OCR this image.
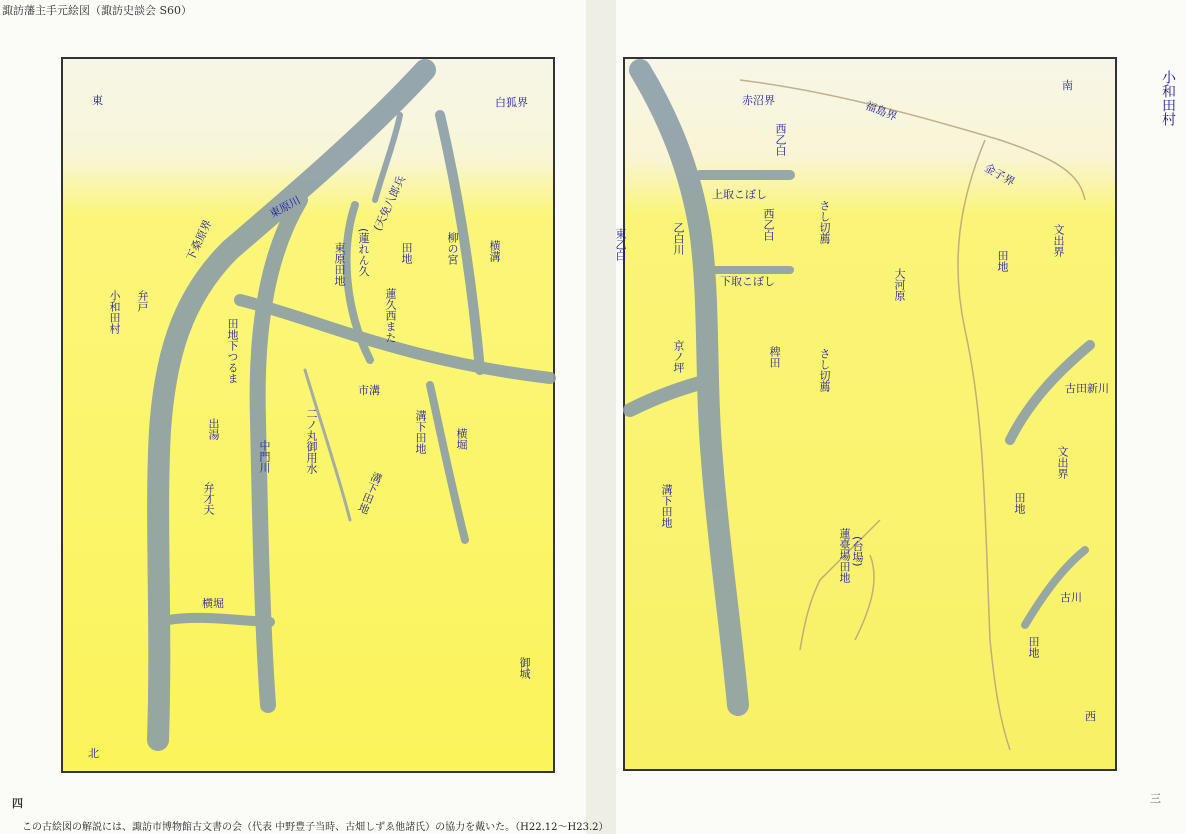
諏訪藩主手元絵図（諏訪史談会 S60）
東
北
白狐界
東原川
下桑原界
(天免八郎兵
(蓮れん久
東原田地	田地	柳の宮	横溝
蓮久西また
小和田村 弁戸
田地下つるま
市溝
溝下田地	横堀
出湯
中門川	二ノ丸御用水
溝下田地
弁才天
横堀
御城
南
西
小和田村
赤沼界	福島界
金子界
西乙白
上取こぼし
西乙白	さし切薦
東乙白	乙白川
下取こぼし	大河原
文出界
田地
京ノ坪	稗田	さし切薦	古田新川
文出界
田地
溝下田地
蓮臺場田地 (台場)
古川
田地
四	三
この古絵図の解説には、諏訪市博物館古文書の会（代表 中野豊子当時、古畑しずゑ他諸氏）の協力を戴いた。（H22.12〜H23.2）
